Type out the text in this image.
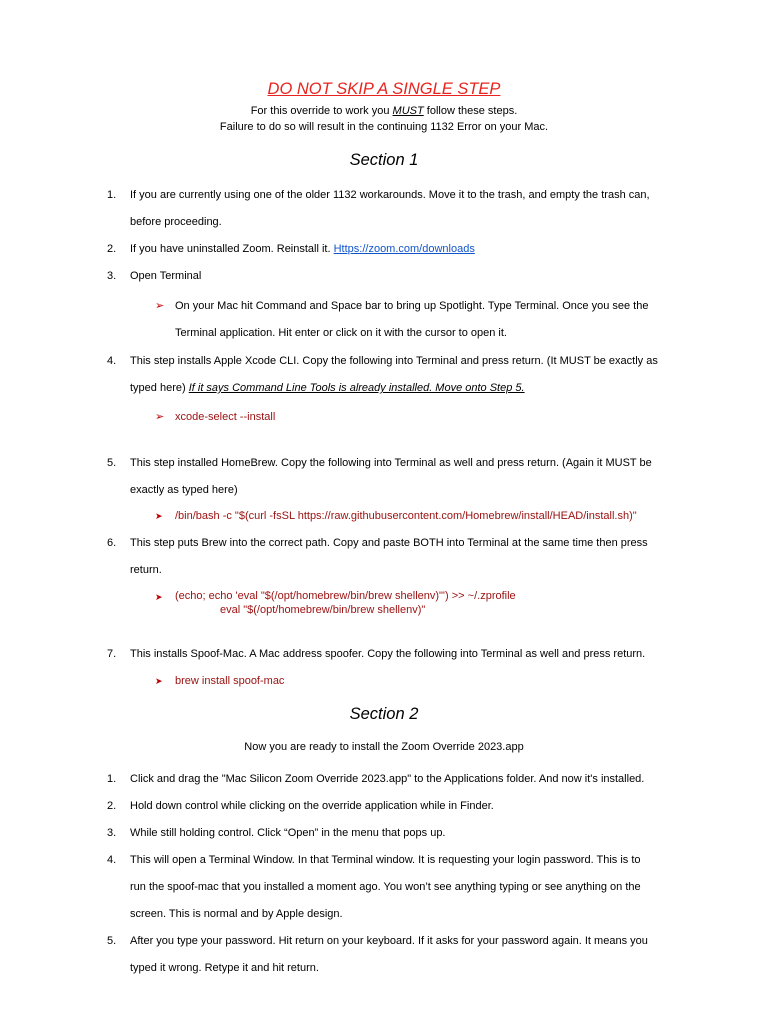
DO NOT SKIP A SINGLE STEP
For this override to work you MUST follow these steps.
Failure to do so will result in the continuing 1132 Error on your Mac.
Section 1
1. If you are currently using one of the older 1132 workarounds. Move it to the trash, and empty the trash can,
before proceeding.
2. If you have uninstalled Zoom. Reinstall it. Https://zoom.com/downloads
3. Open Terminal
➢ On your Mac hit Command and Space bar to bring up Spotlight. Type Terminal. Once you see the
Terminal application. Hit enter or click on it with the cursor to open it.
4. This step installs Apple Xcode CLI. Copy the following into Terminal and press return. (It MUST be exactly as
typed here) If it says Command Line Tools is already installed. Move onto Step 5.
➢ xcode-select --install
5. This step installed HomeBrew. Copy the following into Terminal as well and press return. (Again it MUST be
exactly as typed here)
➤ /bin/bash -c "$(curl -fsSL https://raw.githubusercontent.com/Homebrew/install/HEAD/install.sh)"
6. This step puts Brew into the correct path. Copy and paste BOTH into Terminal at the same time then press
return.
➤ (echo; echo 'eval "$(/opt/homebrew/bin/brew shellenv)"') >> ~/.zprofile
eval "$(/opt/homebrew/bin/brew shellenv)"
7. This installs Spoof-Mac. A Mac address spoofer. Copy the following into Terminal as well and press return.
➤ brew install spoof-mac
Section 2
Now you are ready to install the Zoom Override 2023.app
1. Click and drag the "Mac Silicon Zoom Override 2023.app" to the Applications folder. And now it's installed.
2. Hold down control while clicking on the override application while in Finder.
3. While still holding control. Click “Open” in the menu that pops up.
4. This will open a Terminal Window. In that Terminal window. It is requesting your login password. This is to
run the spoof-mac that you installed a moment ago. You won’t see anything typing or see anything on the
screen. This is normal and by Apple design.
5. After you type your password. Hit return on your keyboard. If it asks for your password again. It means you
typed it wrong. Retype it and hit return.
